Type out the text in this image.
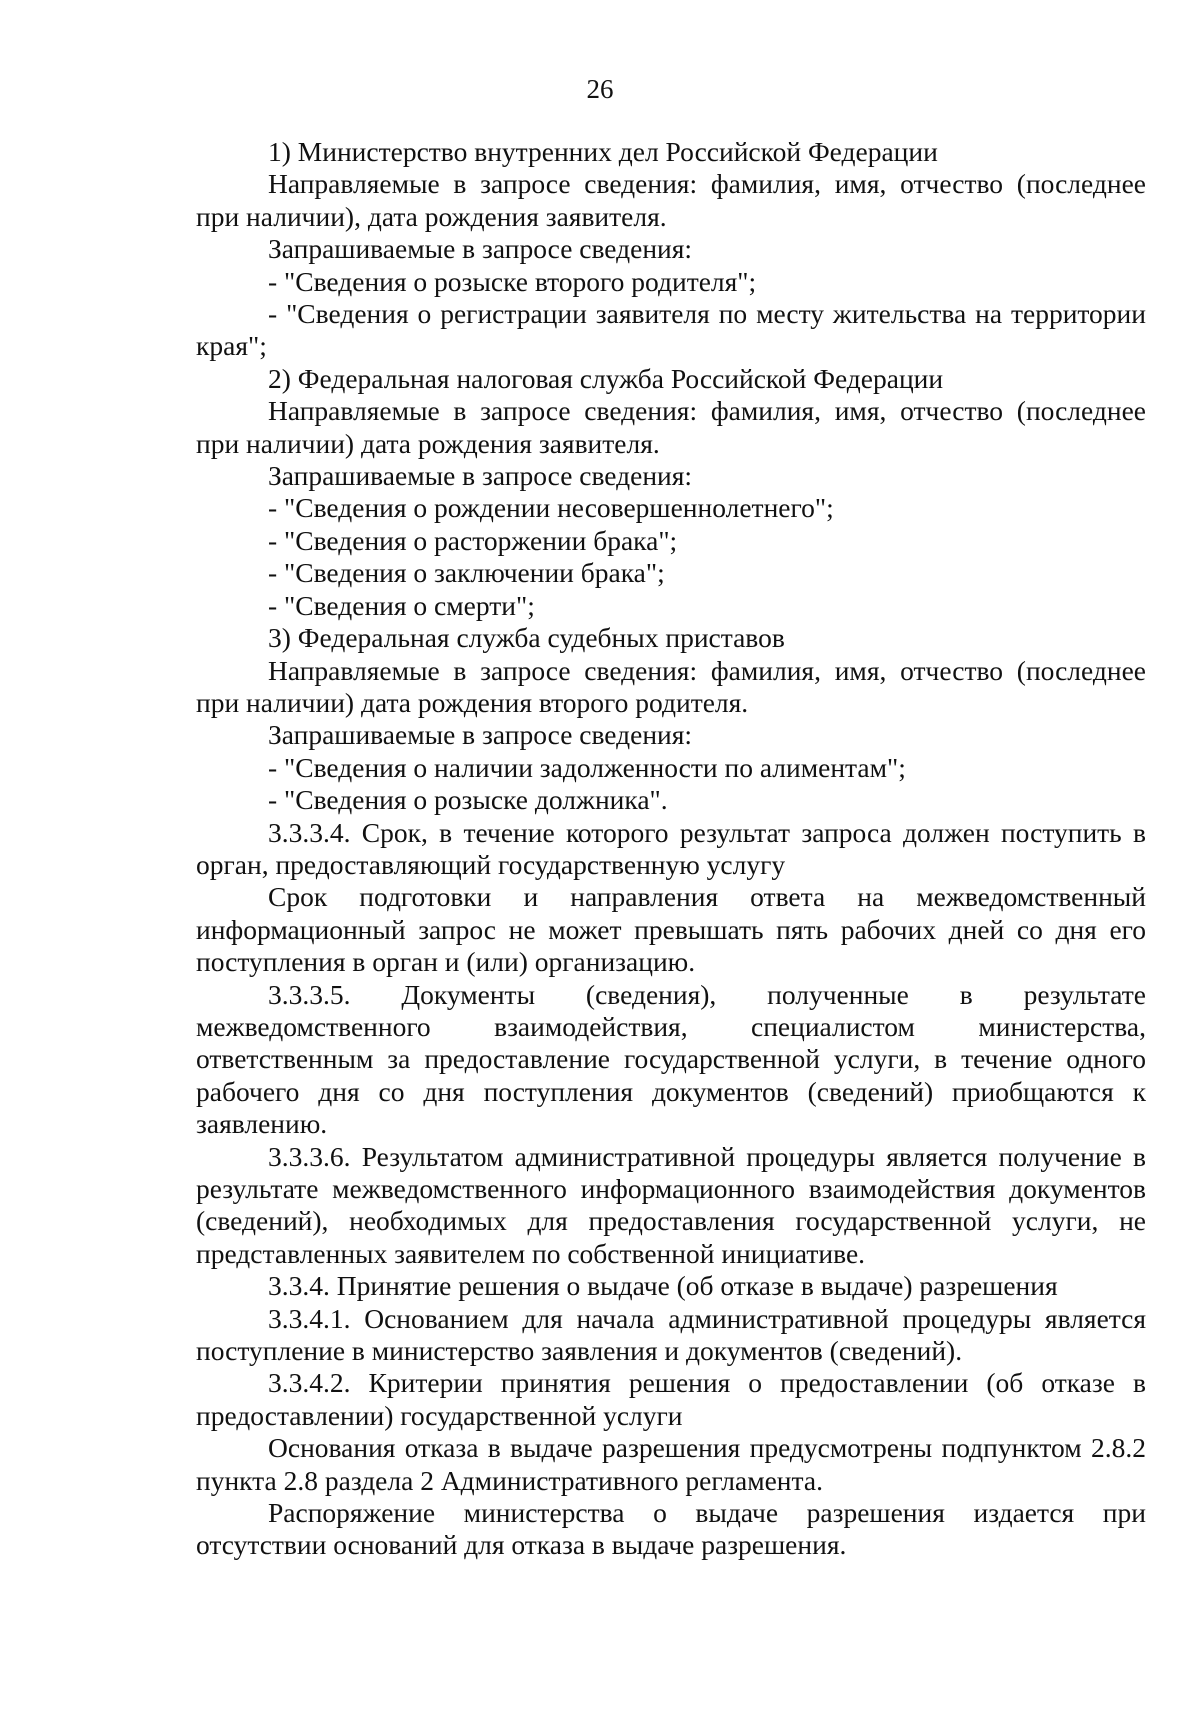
26

1) Министерство внутренних дел Российской Федерации

Направляемые в запросе сведения: фамилия, имя, отчество (последнее при наличии), дата рождения заявителя.

Запрашиваемые в запросе сведения:

- "Сведения о розыске второго родителя";

- "Сведения о регистрации заявителя по месту жительства на территории края";

2) Федеральная налоговая служба Российской Федерации

Направляемые в запросе сведения: фамилия, имя, отчество (последнее при наличии) дата рождения заявителя.

Запрашиваемые в запросе сведения:

- "Сведения о рождении несовершеннолетнего";

- "Сведения о расторжении брака";

- "Сведения о заключении брака";

- "Сведения о смерти";

3) Федеральная служба судебных приставов

Направляемые в запросе сведения: фамилия, имя, отчество (последнее при наличии) дата рождения второго родителя.

Запрашиваемые в запросе сведения:

- "Сведения о наличии задолженности по алиментам";

- "Сведения о розыске должника".

3.3.3.4. Срок, в течение которого результат запроса должен поступить в орган, предоставляющий государственную услугу

Срок подготовки и направления ответа на межведомственный информационный запрос не может превышать пять рабочих дней со дня его поступления в орган и (или) организацию.

3.3.3.5. Документы (сведения), полученные в результате межведомственного взаимодействия, специалистом министерства, ответственным за предоставление государственной услуги, в течение одного рабочего дня со дня поступления документов (сведений) приобщаются к заявлению.

3.3.3.6. Результатом административной процедуры является получение в результате межведомственного информационного взаимодействия документов (сведений), необходимых для предоставления государственной услуги, не представленных заявителем по собственной инициативе.

3.3.4. Принятие решения о выдаче (об отказе в выдаче) разрешения

3.3.4.1. Основанием для начала административной процедуры является поступление в министерство заявления и документов (сведений).

3.3.4.2. Критерии принятия решения о предоставлении (об отказе в предоставлении) государственной услуги

Основания отказа в выдаче разрешения предусмотрены подпунктом 2.8.2 пункта 2.8 раздела 2 Административного регламента.

Распоряжение министерства о выдаче разрешения издается при отсутствии оснований для отказа в выдаче разрешения.
